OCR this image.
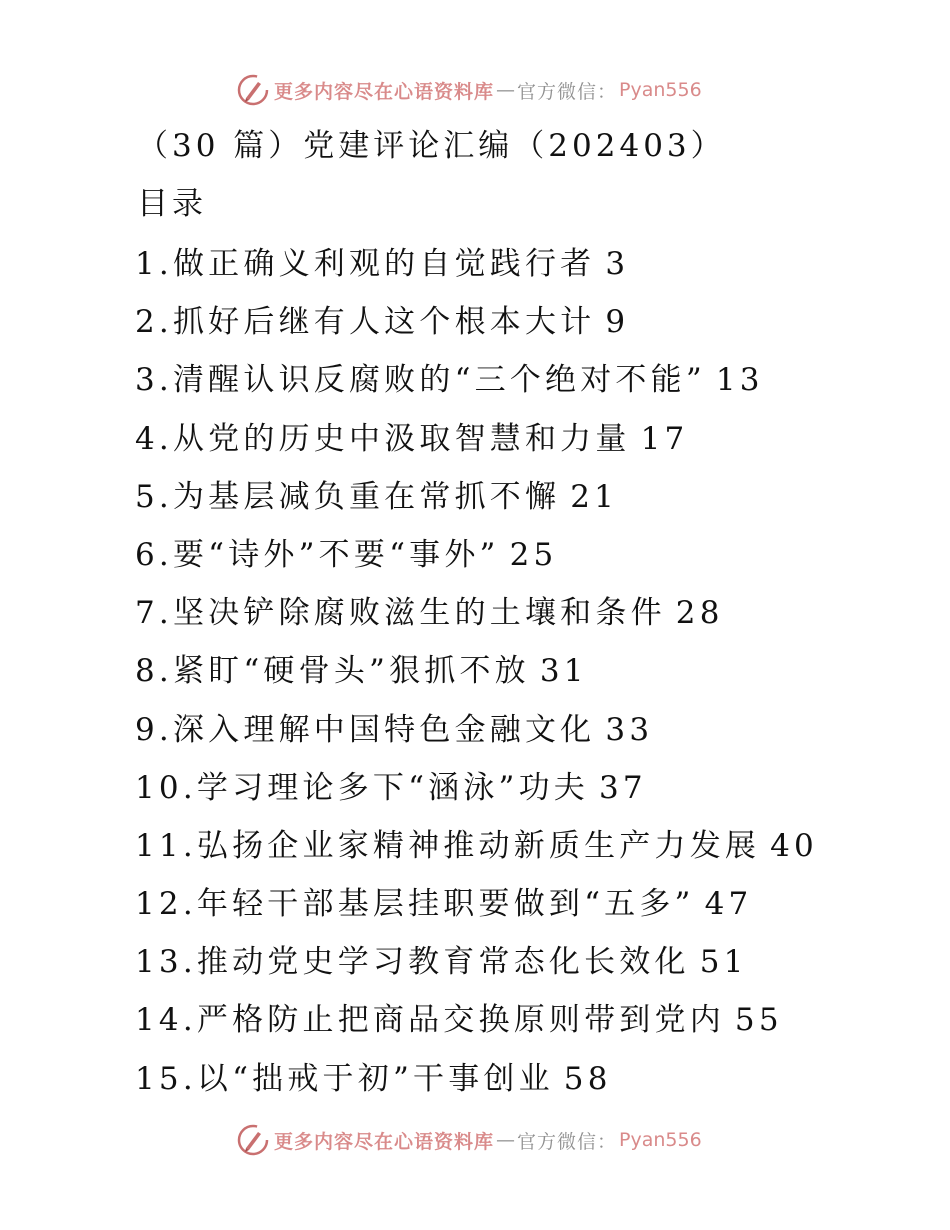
更多内容尽在心语资料库 — 官方微信： Pyan556
（30 篇）党建评论汇编（202403）
目录
1.做正确义利观的自觉践行者 3
2.抓好后继有人这个根本大计 9
3.清醒认识反腐败的“三个绝对不能” 13
4.从党的历史中汲取智慧和力量 17
5.为基层减负重在常抓不懈 21
6.要“诗外”不要“事外” 25
7.坚决铲除腐败滋生的土壤和条件 28
8.紧盯“硬骨头”狠抓不放 31
9.深入理解中国特色金融文化 33
10.学习理论多下“涵泳”功夫 37
11.弘扬企业家精神推动新质生产力发展 40
12.年轻干部基层挂职要做到“五多” 47
13.推动党史学习教育常态化长效化 51
14.严格防止把商品交换原则带到党内 55
15.以“拙戒于初”干事创业 58
更多内容尽在心语资料库 — 官方微信： Pyan556
